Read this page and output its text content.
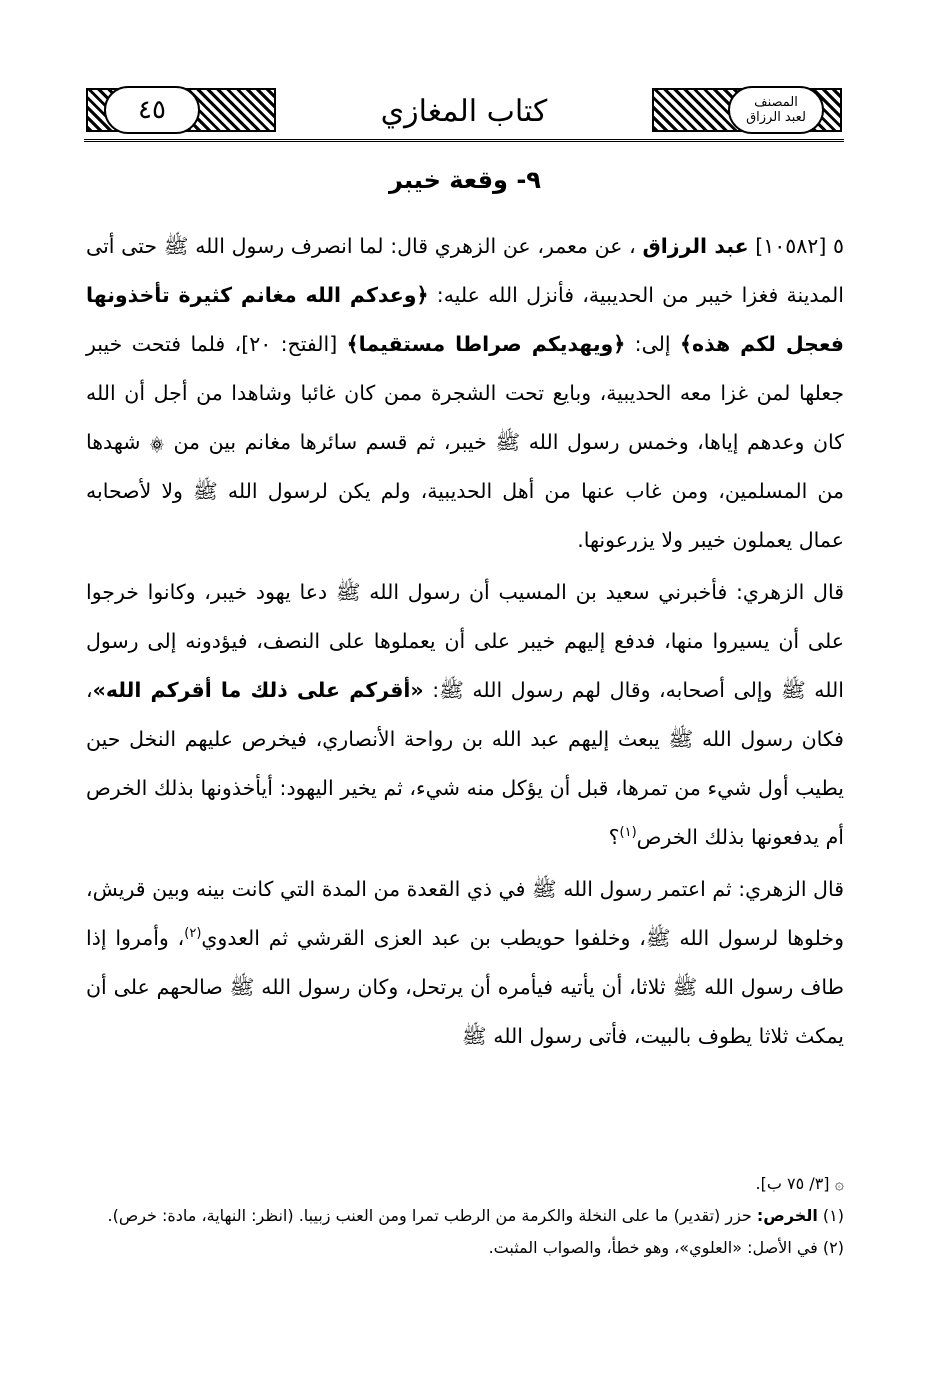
٤٥	كتاب المغازي	المصنف
لعبد الرزاق
٩- وقعة خيبر

٥ [١٠٥٨٢] عبد الرزاق ، عن معمر، عن الزهري قال: لما انصرف رسول الله ﷺ حتى أتى المدينة فغزا خيبر من الحديبية، فأنزل الله عليه: ﴿وعدكم الله مغانم كثيرة تأخذونها فعجل لكم هذه﴾ إلى: ﴿ويهديكم صراطا مستقيما﴾ [الفتح: ٢٠]، فلما فتحت خيبر جعلها لمن غزا معه الحديبية، وبايع تحت الشجرة ممن كان غائبا وشاهدا من أجل أن الله كان وعدهم إياها، وخمس رسول الله ﷺ خيبر، ثم قسم سائرها مغانم بين من ۞ شهدها من المسلمين، ومن غاب عنها من أهل الحديبية، ولم يكن لرسول الله ﷺ ولا لأصحابه عمال يعملون خيبر ولا يزرعونها.

قال الزهري: فأخبرني سعيد بن المسيب أن رسول الله ﷺ دعا يهود خيبر، وكانوا خرجوا على أن يسيروا منها، فدفع إليهم خيبر على أن يعملوها على النصف، فيؤدونه إلى رسول الله ﷺ وإلى أصحابه، وقال لهم رسول الله ﷺ: «أقركم على ذلك ما أقركم الله»، فكان رسول الله ﷺ يبعث إليهم عبد الله بن رواحة الأنصاري، فيخرص عليهم النخل حين يطيب أول شيء من تمرها، قبل أن يؤكل منه شيء، ثم يخير اليهود: أيأخذونها بذلك الخرص أم يدفعونها بذلك الخرص$^{(١)}$؟

قال الزهري: ثم اعتمر رسول الله ﷺ في ذي القعدة من المدة التي كانت بينه وبين قريش، وخلوها لرسول الله ﷺ، وخلفوا حويطب بن عبد العزى القرشي ثم العدوي$^{(٢)}$، وأمروا إذا طاف رسول الله ﷺ ثلاثا، أن يأتيه فيأمره أن يرتحل، وكان رسول الله ﷺ صالحهم على أن يمكث ثلاثا يطوف بالبيت، فأتى رسول الله ﷺ

۞ [٣/ ٧٥ ب].

(١) الخرص: حزر (تقدير) ما على النخلة والكرمة من الرطب تمرا ومن العنب زبيبا. (انظر: النهاية، مادة: خرص).

(٢) في الأصل: «العلوي»، وهو خطأ، والصواب المثبت.
